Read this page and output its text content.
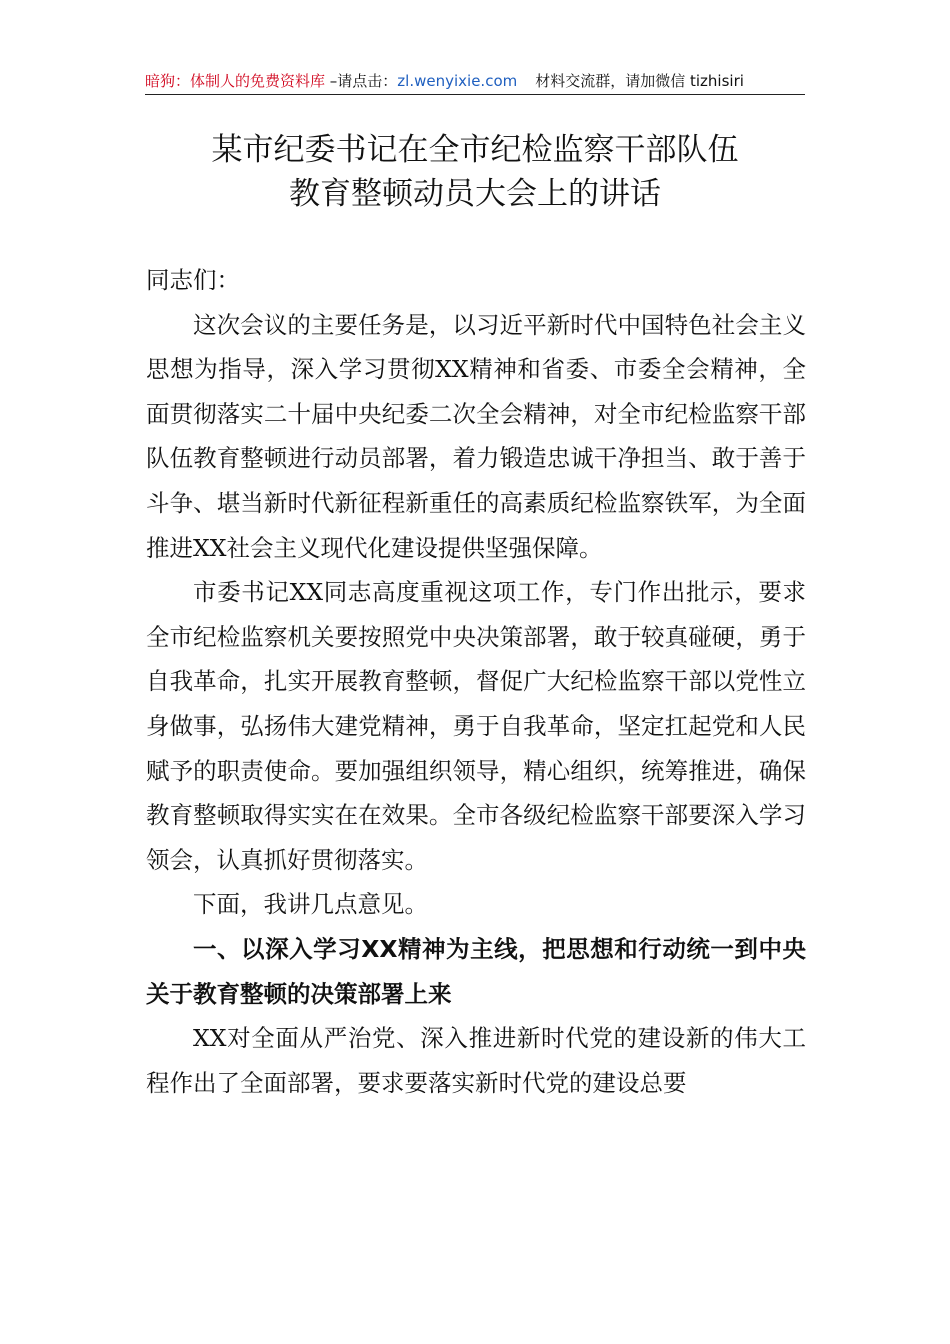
暗狗：体制人的免费资料库 –请点击：zl.wenyixie.com 材料交流群，请加微信 tizhisiri
某市纪委书记在全市纪检监察干部队伍
教育整顿动员大会上的讲话

同志们：

这次会议的主要任务是，以习近平新时代中国特色社会主义思想为指导，深入学习贯彻XX精神和省委、市委全会精神，全面贯彻落实二十届中央纪委二次全会精神，对全市纪检监察干部队伍教育整顿进行动员部署，着力锻造忠诚干净担当、敢于善于斗争、堪当新时代新征程新重任的高素质纪检监察铁军，为全面推进XX社会主义现代化建设提供坚强保障。

市委书记XX同志高度重视这项工作，专门作出批示，要求全市纪检监察机关要按照党中央决策部署，敢于较真碰硬，勇于自我革命，扎实开展教育整顿，督促广大纪检监察干部以党性立身做事，弘扬伟大建党精神，勇于自我革命，坚定扛起党和人民赋予的职责使命。要加强组织领导，精心组织，统筹推进，确保教育整顿取得实实在在效果。全市各级纪检监察干部要深入学习领会，认真抓好贯彻落实。

下面，我讲几点意见。

一、以深入学习XX精神为主线，把思想和行动统一到中央关于教育整顿的决策部署上来

XX对全面从严治党、深入推进新时代党的建设新的伟大工程作出了全面部署，要求要落实新时代党的建设总要
